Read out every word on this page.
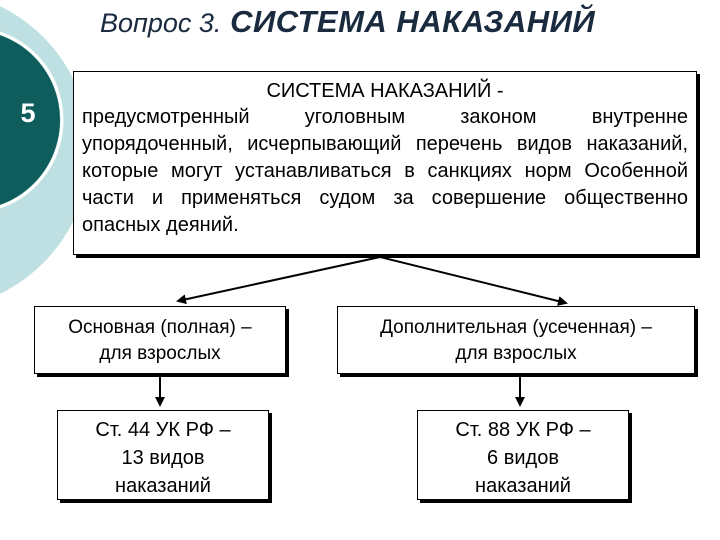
5
Вопрос 3. СИСТЕМА НАКАЗАНИЙ
СИСТЕМА НАКАЗАНИЙ -
предусмотренный уголовным законом внутренне упорядоченный, исчерпывающий перечень видов наказаний, которые могут устанавливаться в санкциях норм Особенной части и применяться судом за совершение общественно опасных деяний.
Основная (полная) –
для взрослых
Дополнительная (усеченная) –
для взрослых
Ст. 44 УК РФ –
13 видов
наказаний
Ст. 88 УК РФ –
6 видов
наказаний
